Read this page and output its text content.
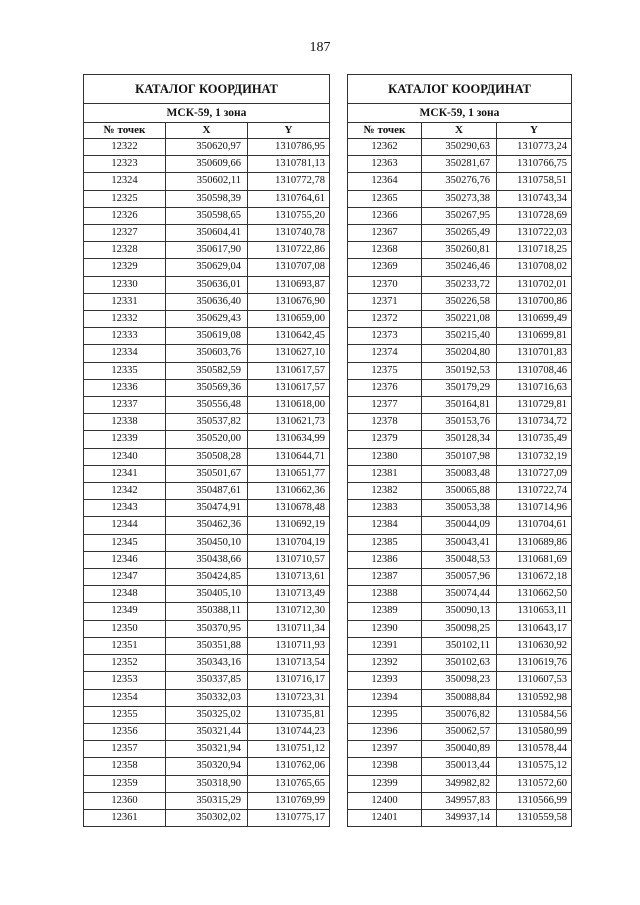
187
КАТАЛОГ КООРДИНАТ		
МСК-59, 1 зона		
№ точек	X	Y
12322	350620,97	1310786,95
12323	350609,66	1310781,13
12324	350602,11	1310772,78
12325	350598,39	1310764,61
12326	350598,65	1310755,20
12327	350604,41	1310740,78
12328	350617,90	1310722,86
12329	350629,04	1310707,08
12330	350636,01	1310693,87
12331	350636,40	1310676,90
12332	350629,43	1310659,00
12333	350619,08	1310642,45
12334	350603,76	1310627,10
12335	350582,59	1310617,57
12336	350569,36	1310617,57
12337	350556,48	1310618,00
12338	350537,82	1310621,73
12339	350520,00	1310634,99
12340	350508,28	1310644,71
12341	350501,67	1310651,77
12342	350487,61	1310662,36
12343	350474,91	1310678,48
12344	350462,36	1310692,19
12345	350450,10	1310704,19
12346	350438,66	1310710,57
12347	350424,85	1310713,61
12348	350405,10	1310713,49
12349	350388,11	1310712,30
12350	350370,95	1310711,34
12351	350351,88	1310711,93
12352	350343,16	1310713,54
12353	350337,85	1310716,17
12354	350332,03	1310723,31
12355	350325,02	1310735,81
12356	350321,44	1310744,23
12357	350321,94	1310751,12
12358	350320,94	1310762,06
12359	350318,90	1310765,65
12360	350315,29	1310769,99
12361	350302,02	1310775,17
КАТАЛОГ КООРДИНАТ		
МСК-59, 1 зона		
№ точек	X	Y
12362	350290,63	1310773,24
12363	350281,67	1310766,75
12364	350276,76	1310758,51
12365	350273,38	1310743,34
12366	350267,95	1310728,69
12367	350265,49	1310722,03
12368	350260,81	1310718,25
12369	350246,46	1310708,02
12370	350233,72	1310702,01
12371	350226,58	1310700,86
12372	350221,08	1310699,49
12373	350215,40	1310699,81
12374	350204,80	1310701,83
12375	350192,53	1310708,46
12376	350179,29	1310716,63
12377	350164,81	1310729,81
12378	350153,76	1310734,72
12379	350128,34	1310735,49
12380	350107,98	1310732,19
12381	350083,48	1310727,09
12382	350065,88	1310722,74
12383	350053,38	1310714,96
12384	350044,09	1310704,61
12385	350043,41	1310689,86
12386	350048,53	1310681,69
12387	350057,96	1310672,18
12388	350074,44	1310662,50
12389	350090,13	1310653,11
12390	350098,25	1310643,17
12391	350102,11	1310630,92
12392	350102,63	1310619,76
12393	350098,23	1310607,53
12394	350088,84	1310592,98
12395	350076,82	1310584,56
12396	350062,57	1310580,99
12397	350040,89	1310578,44
12398	350013,44	1310575,12
12399	349982,82	1310572,60
12400	349957,83	1310566,99
12401	349937,14	1310559,58
